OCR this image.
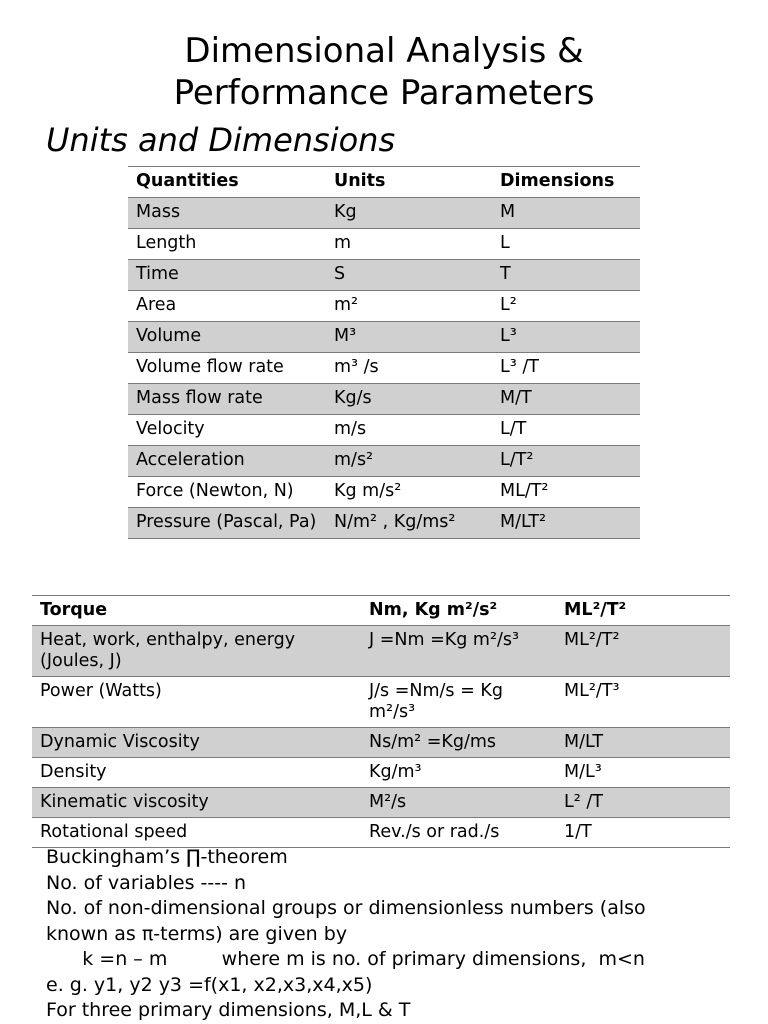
Dimensional Analysis &
Performance Parameters
Units and Dimensions
Quantities	Units	Dimensions
Mass	Kg	M
Length	m	L
Time	S	T
Area	m²	L²
Volume	M³	L³
Volume flow rate	m³ /s	L³ /T
Mass flow rate	Kg/s	M/T
Velocity	m/s	L/T
Acceleration	m/s²	L/T²
Force (Newton, N)	Kg m/s²	ML/T²
Pressure (Pascal, Pa)	N/m² , Kg/ms²	M/LT²
Torque	Nm, Kg m²/s²	ML²/T²
Heat, work, enthalpy, energy (Joules, J)	J =Nm =Kg m²/s³	ML²/T²
Power (Watts)	J/s =Nm/s = Kg m²/s³	ML²/T³
Dynamic Viscosity	Ns/m² =Kg/ms	M/LT
Density	Kg/m³	M/L³
Kinematic viscosity	M²/s	L² /T
Rotational speed	Rev./s or rad./s	1/T
Buckingham’s ∏-theorem
No. of variables ---- n
No. of non-dimensional groups or dimensionless numbers (also
known as π-terms) are given by
k =n – m         where m is no. of primary dimensions,  m<n
e. g. y1, y2 y3 =f(x1, x2,x3,x4,x5)
For three primary dimensions, M,L & T
